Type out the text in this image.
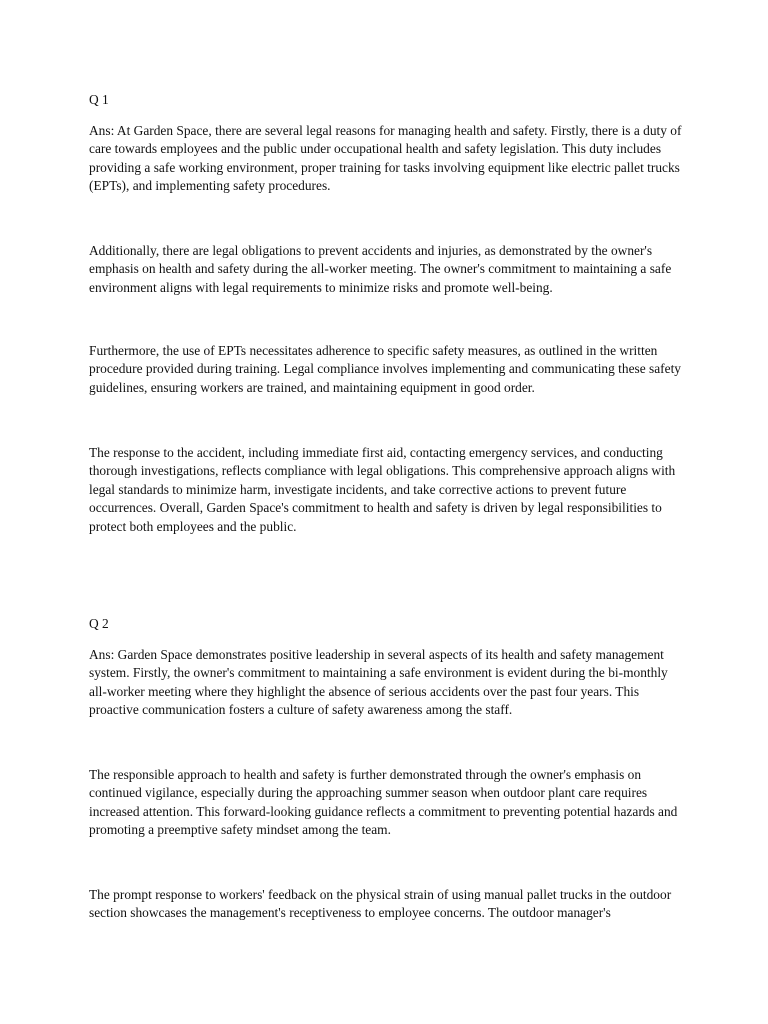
Q 1

Ans: At Garden Space, there are several legal reasons for managing health and safety. Firstly, there is a duty of care towards employees and the public under occupational health and safety legislation. This duty includes providing a safe working environment, proper training for tasks involving equipment like electric pallet trucks (EPTs), and implementing safety procedures.

Additionally, there are legal obligations to prevent accidents and injuries, as demonstrated by the owner's emphasis on health and safety during the all-worker meeting. The owner's commitment to maintaining a safe environment aligns with legal requirements to minimize risks and promote well-being.

Furthermore, the use of EPTs necessitates adherence to specific safety measures, as outlined in the written procedure provided during training. Legal compliance involves implementing and communicating these safety guidelines, ensuring workers are trained, and maintaining equipment in good order.

The response to the accident, including immediate first aid, contacting emergency services, and conducting thorough investigations, reflects compliance with legal obligations. This comprehensive approach aligns with legal standards to minimize harm, investigate incidents, and take corrective actions to prevent future occurrences. Overall, Garden Space's commitment to health and safety is driven by legal responsibilities to protect both employees and the public.

Q 2

Ans: Garden Space demonstrates positive leadership in several aspects of its health and safety management system. Firstly, the owner's commitment to maintaining a safe environment is evident during the bi-monthly all-worker meeting where they highlight the absence of serious accidents over the past four years. This proactive communication fosters a culture of safety awareness among the staff.

The responsible approach to health and safety is further demonstrated through the owner's emphasis on continued vigilance, especially during the approaching summer season when outdoor plant care requires increased attention. This forward-looking guidance reflects a commitment to preventing potential hazards and promoting a preemptive safety mindset among the team.

The prompt response to workers' feedback on the physical strain of using manual pallet trucks in the outdoor section showcases the management's receptiveness to employee concerns. The outdoor manager's
